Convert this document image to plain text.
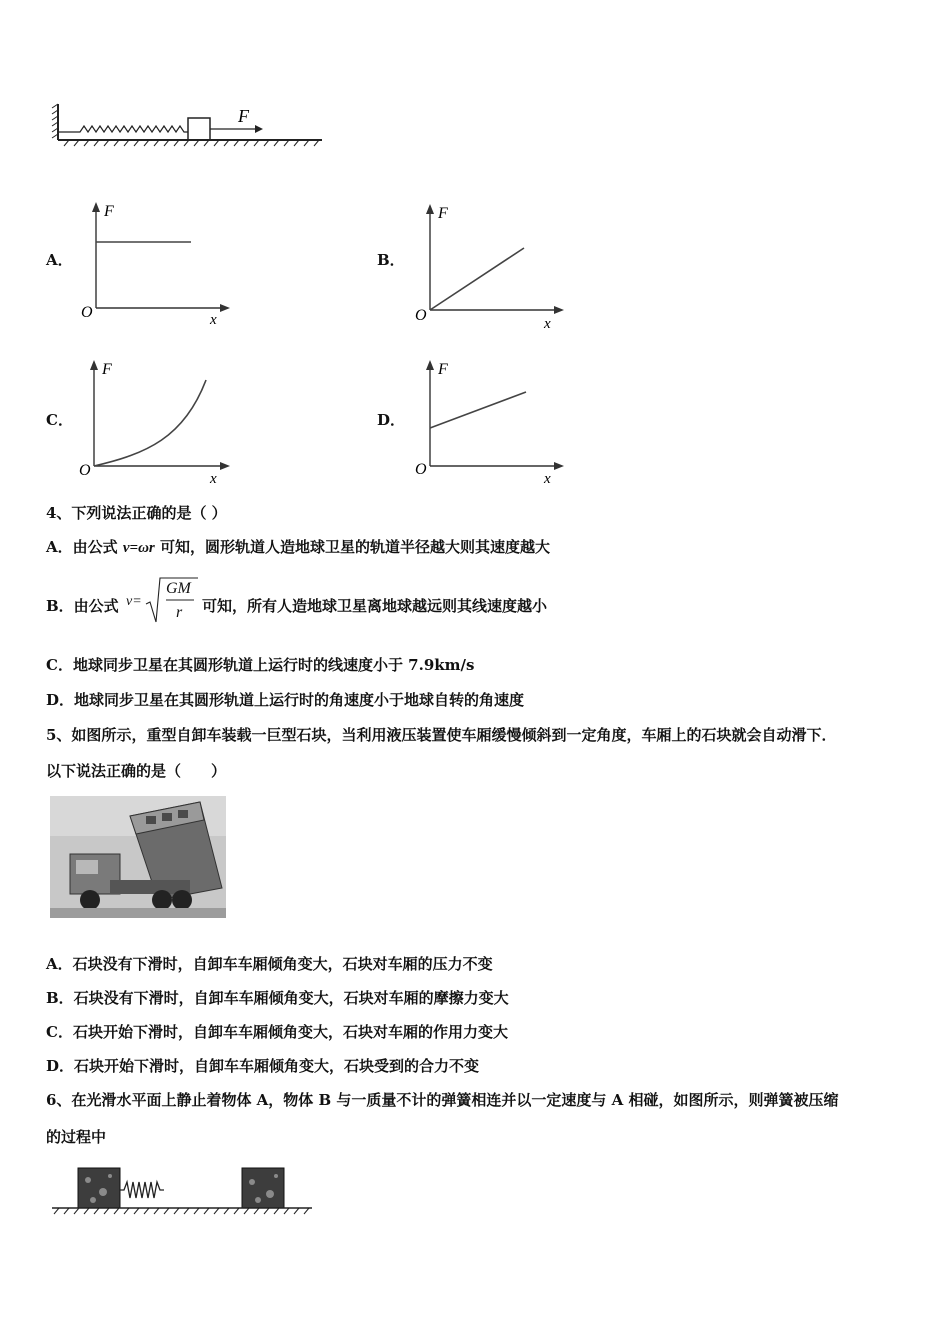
F
A．
F
x
O
B．
F
x
O
C．
F
x
O
D．
F
x
O
4、下列说法正确的是（ ）
A．由公式 v=ωr 可知，圆形轨道人造地球卫星的轨道半径越大则其速度越大
B．由公式 v=
GM
r 可知，所有人造地球卫星离地球越远则其线速度越小
C．地球同步卫星在其圆形轨道上运行时的线速度小于 7.9km/s
D．地球同步卫星在其圆形轨道上运行时的角速度小于地球自转的角速度
5、如图所示，重型自卸车装载一巨型石块，当利用液压装置使车厢缓慢倾斜到一定角度，车厢上的石块就会自动滑下．
以下说法正确的是（　　）
A．石块没有下滑时，自卸车车厢倾角变大，石块对车厢的压力不变
B．石块没有下滑时，自卸车车厢倾角变大，石块对车厢的摩擦力变大
C．石块开始下滑时，自卸车车厢倾角变大，石块对车厢的作用力变大
D．石块开始下滑时，自卸车车厢倾角变大，石块受到的合力不变
6、在光滑水平面上静止着物体 A，物体 B 与一质量不计的弹簧相连并以一定速度与 A 相碰，如图所示，则弹簧被压缩
的过程中
